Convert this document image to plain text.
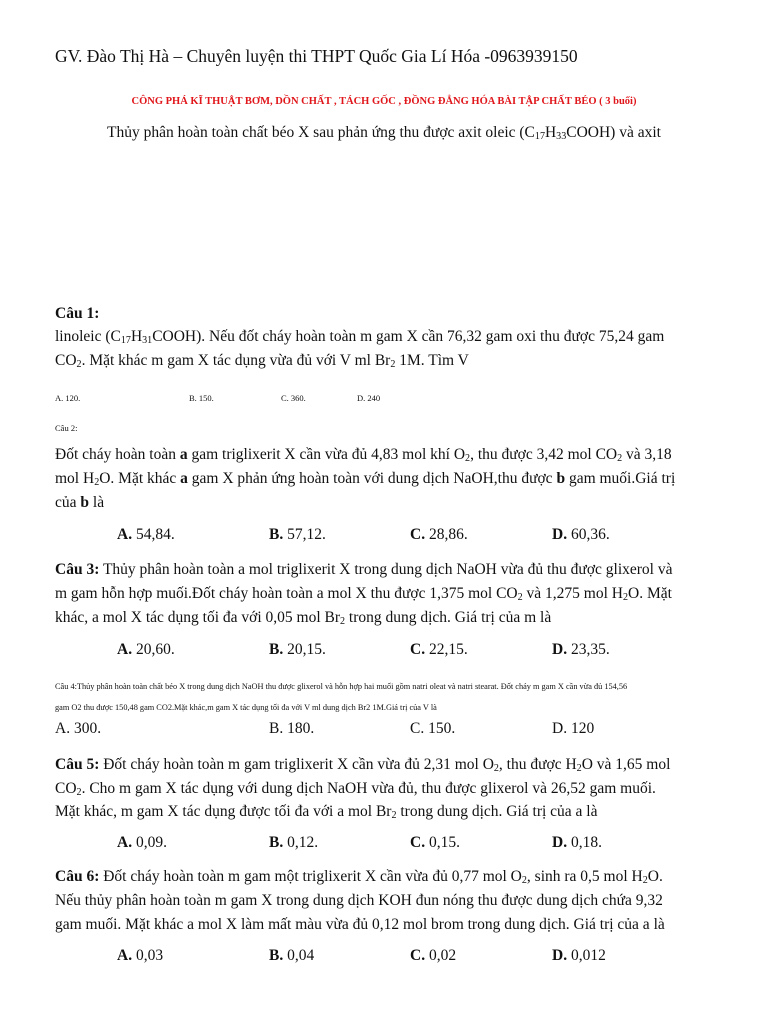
GV. Đào Thị Hà – Chuyên luyện thi THPT Quốc Gia Lí Hóa -0963939150
CÔNG PHÁ KĨ THUẬT BƠM, DỒN CHẤT , TÁCH GỐC , ĐỒNG ĐẲNG HÓA BÀI TẬP CHẤT BÉO ( 3 buổi)
Thủy phân hoàn toàn chất béo X sau phản ứng thu được axit oleic $(C_{17}H_{33}COOH)$ và axit
Câu 1:
linoleic $(C_{17}H_{31}COOH)$. Nếu đốt cháy hoàn toàn m gam X cần 76,32 gam oxi thu được 75,24 gam
$CO_2$. Mặt khác m gam X tác dụng vừa đủ với V ml $Br_2$ 1M. Tìm V
A. 120.	B. 150.	C. 360.	D. 240
Câu 2:
Đốt cháy hoàn toàn a gam triglixerit X cần vừa đủ 4,83 mol khí $O_2$, thu được 3,42 mol $CO_2$ và 3,18
mol $H_2O$. Mặt khác a gam X phản ứng hoàn toàn với dung dịch NaOH,thu được b gam muối.Giá trị
của b là
A. 54,84.	B. 57,12.	C. 28,86.	D. 60,36.
Câu 3: Thủy phân hoàn toàn a mol triglixerit X trong dung dịch NaOH vừa đủ thu được glixerol và
m gam hỗn hợp muối.Đốt cháy hoàn toàn a mol X thu được 1,375 mol $CO_2$ và 1,275 mol $H_2O$. Mặt
khác, a mol X tác dụng tối đa với 0,05 mol $Br_2$ trong dung dịch. Giá trị của m là
A. 20,60.	B. 20,15.	C. 22,15.	D. 23,35.
Câu 4:Thủy phân hoàn toàn chất béo X trong dung dịch NaOH thu được glixerol và hỗn hợp hai muối gồm natri oleat và natri stearat. Đốt cháy m gam X cần vừa đủ 154,56
gam O2 thu được 150,48 gam CO2.Mặt khác,m gam X tác dụng tối đa với V ml dung dịch Br2 1M.Giá trị của V là
A. 300.	B. 180.	C. 150.	D. 120
Câu 5: Đốt cháy hoàn toàn m gam triglixerit X cần vừa đủ 2,31 mol $O_2$, thu được $H_2O$ và 1,65 mol
$CO_2$. Cho m gam X tác dụng với dung dịch NaOH vừa đủ, thu được glixerol và 26,52 gam muối.
Mặt khác, m gam X tác dụng được tối đa với a mol $Br_2$ trong dung dịch. Giá trị của a là
A. 0,09.	B. 0,12.	C. 0,15.	D. 0,18.
Câu 6: Đốt cháy hoàn toàn m gam một triglixerit X cần vừa đủ 0,77 mol $O_2$, sinh ra 0,5 mol $H_2O$.
Nếu thủy phân hoàn toàn m gam X trong dung dịch KOH đun nóng thu được dung dịch chứa 9,32
gam muối. Mặt khác a mol X làm mất màu vừa đủ 0,12 mol brom trong dung dịch. Giá trị của a là
A. 0,03	B. 0,04	C. 0,02	D. 0,012
